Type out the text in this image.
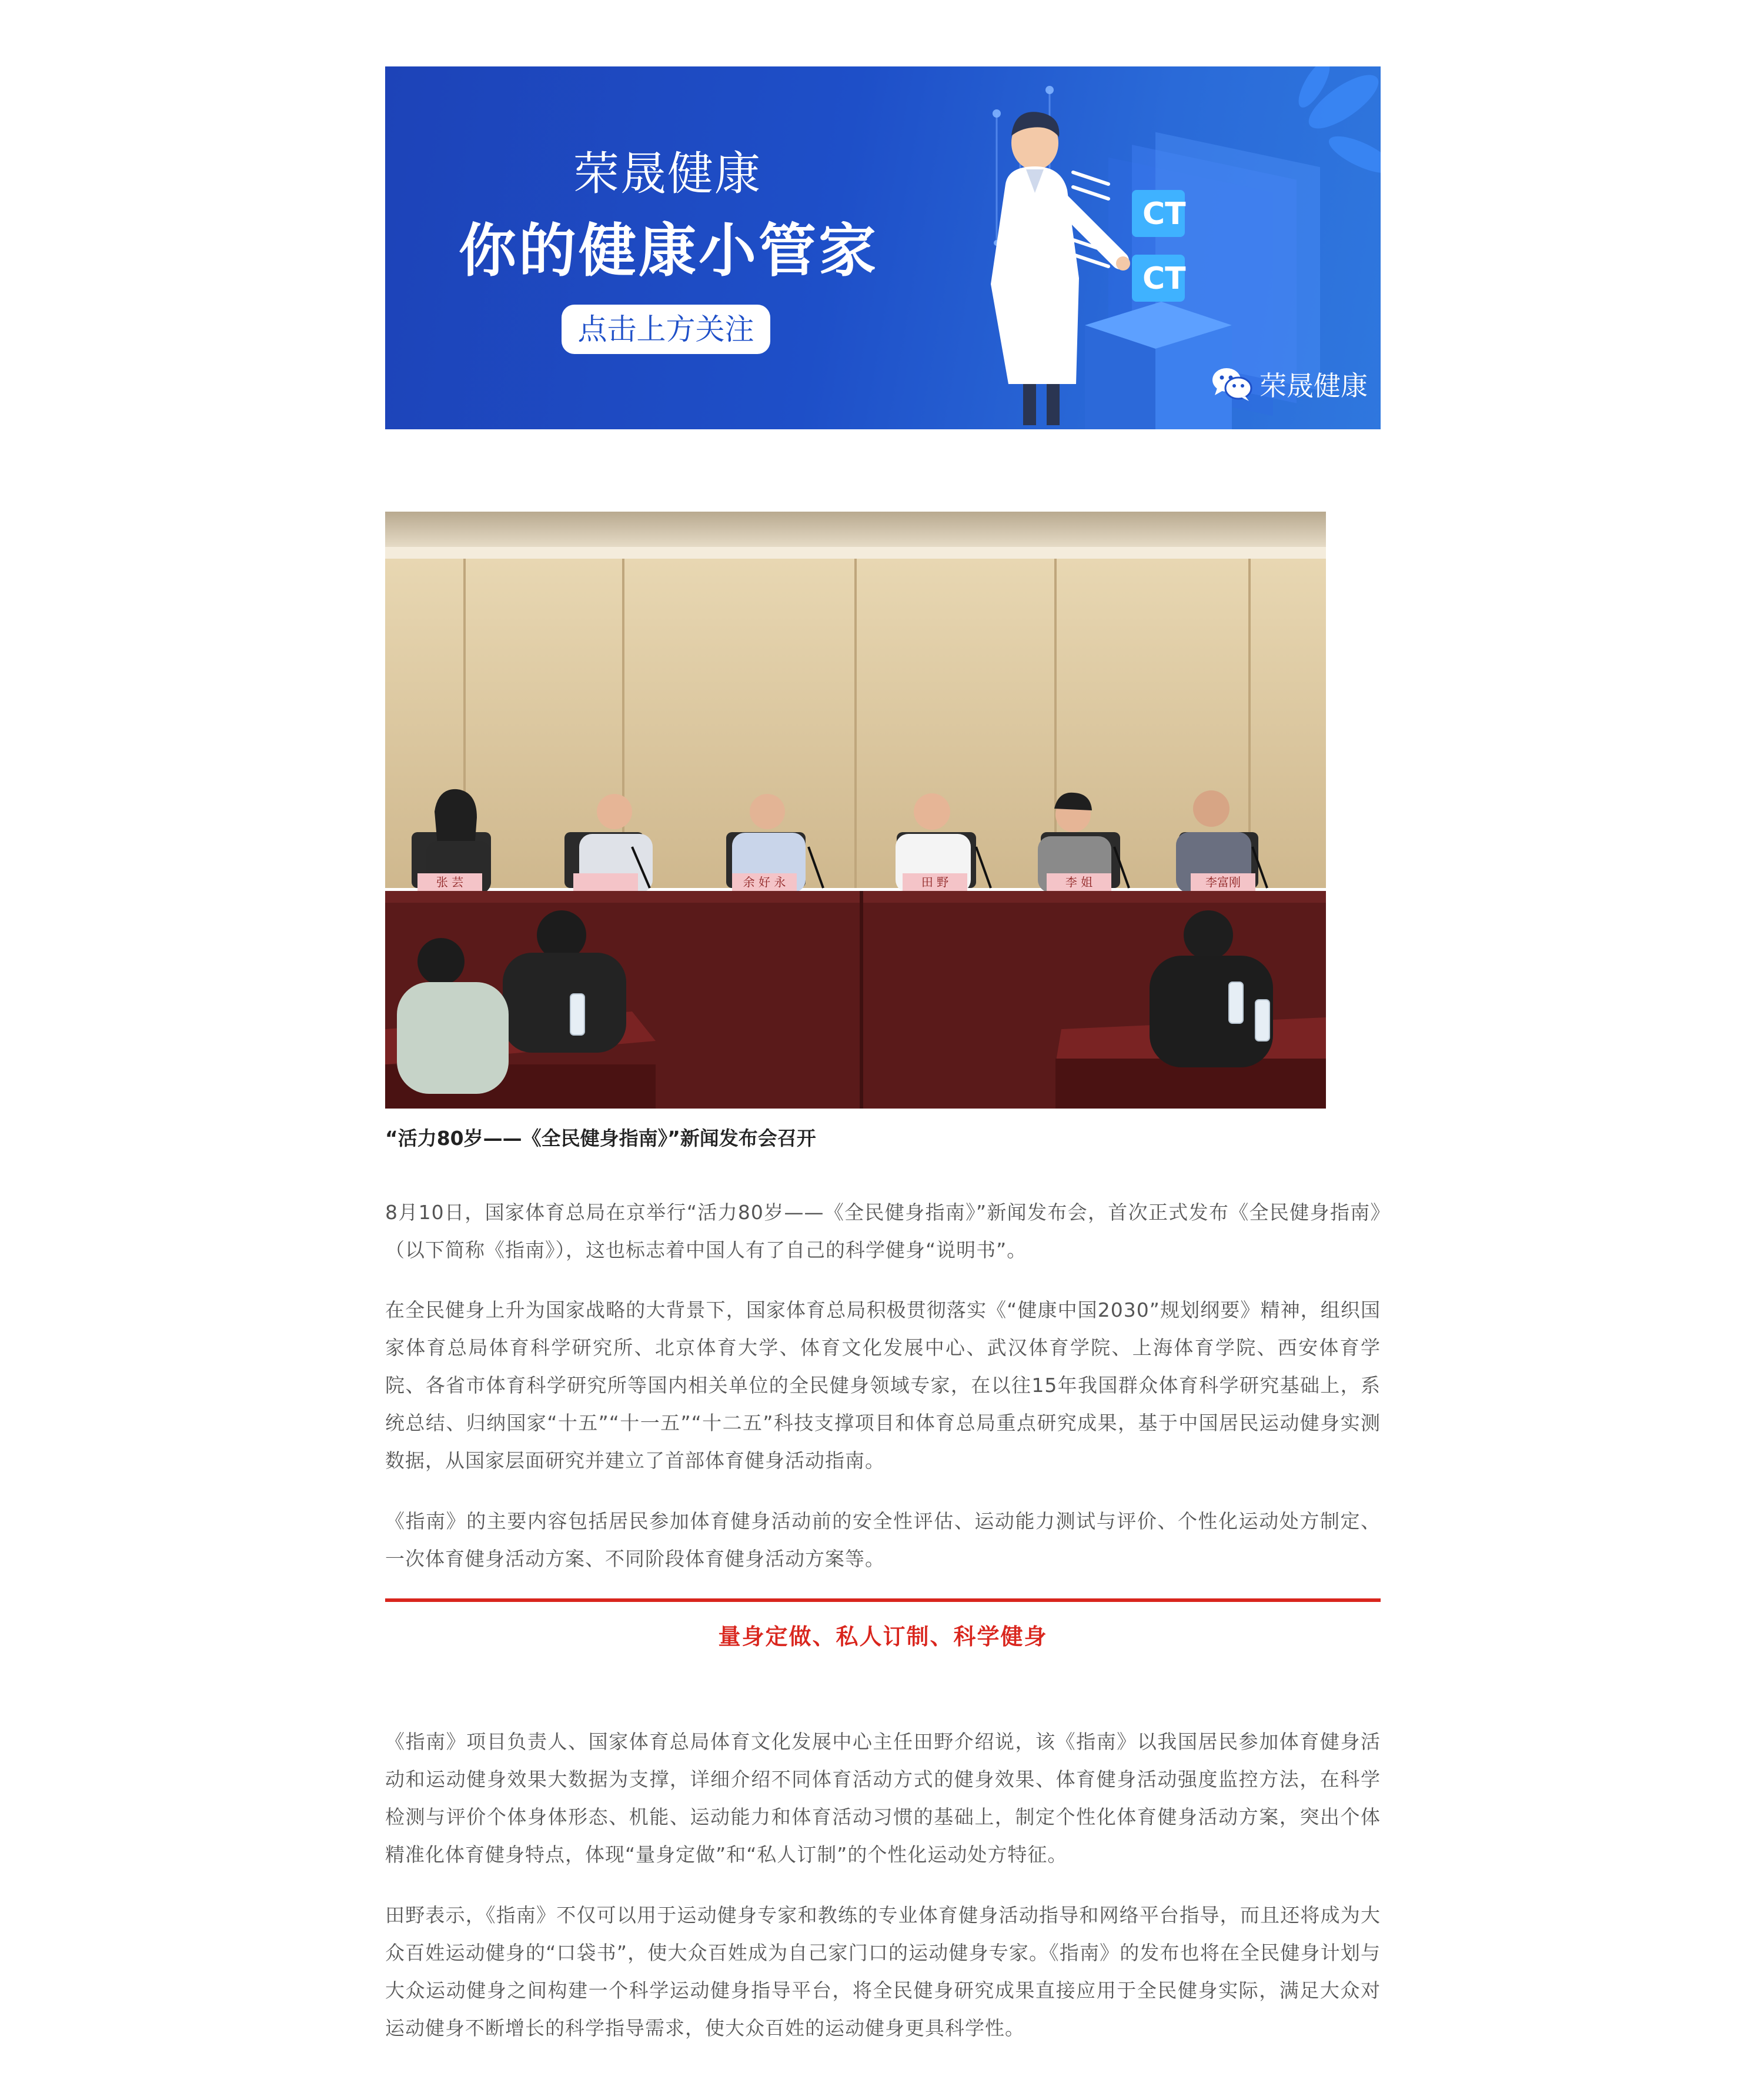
CT
CT
荣晟健康
你的健康小管家
点击上方关注
荣晟健康
张 芸	余 好 永	田 野	李 姐	李富刚
“活力80岁——《全民健身指南》”新闻发布会召开

8月10日，国家体育总局在京举行“活力80岁——《全民健身指南》”新闻发布会，首次正式发布《全民健身指南》（以下简称《指南》），这也标志着中国人有了自己的科学健身“说明书”。

在全民健身上升为国家战略的大背景下，国家体育总局积极贯彻落实《“健康中国2030”规划纲要》精神，组织国家体育总局体育科学研究所、北京体育大学、体育文化发展中心、武汉体育学院、上海体育学院、西安体育学院、各省市体育科学研究所等国内相关单位的全民健身领域专家，在以往15年我国群众体育科学研究基础上，系统总结、归纳国家“十五”“十一五”“十二五”科技支撑项目和体育总局重点研究成果，基于中国居民运动健身实测数据，从国家层面研究并建立了首部体育健身活动指南。

《指南》的主要内容包括居民参加体育健身活动前的安全性评估、运动能力测试与评价、个性化运动处方制定、一次体育健身活动方案、不同阶段体育健身活动方案等。

量身定做、私人订制、科学健身

《指南》项目负责人、国家体育总局体育文化发展中心主任田野介绍说，该《指南》以我国居民参加体育健身活动和运动健身效果大数据为支撑，详细介绍不同体育活动方式的健身效果、体育健身活动强度监控方法，在科学检测与评价个体身体形态、机能、运动能力和体育活动习惯的基础上，制定个性化体育健身活动方案，突出个体精准化体育健身特点，体现“量身定做”和“私人订制”的个性化运动处方特征。

田野表示，《指南》不仅可以用于运动健身专家和教练的专业体育健身活动指导和网络平台指导，而且还将成为大众百姓运动健身的“口袋书”，使大众百姓成为自己家门口的运动健身专家。《指南》的发布也将在全民健身计划与大众运动健身之间构建一个科学运动健身指导平台，将全民健身研究成果直接应用于全民健身实际，满足大众对运动健身不断增长的科学指导需求，使大众百姓的运动健身更具科学性。
